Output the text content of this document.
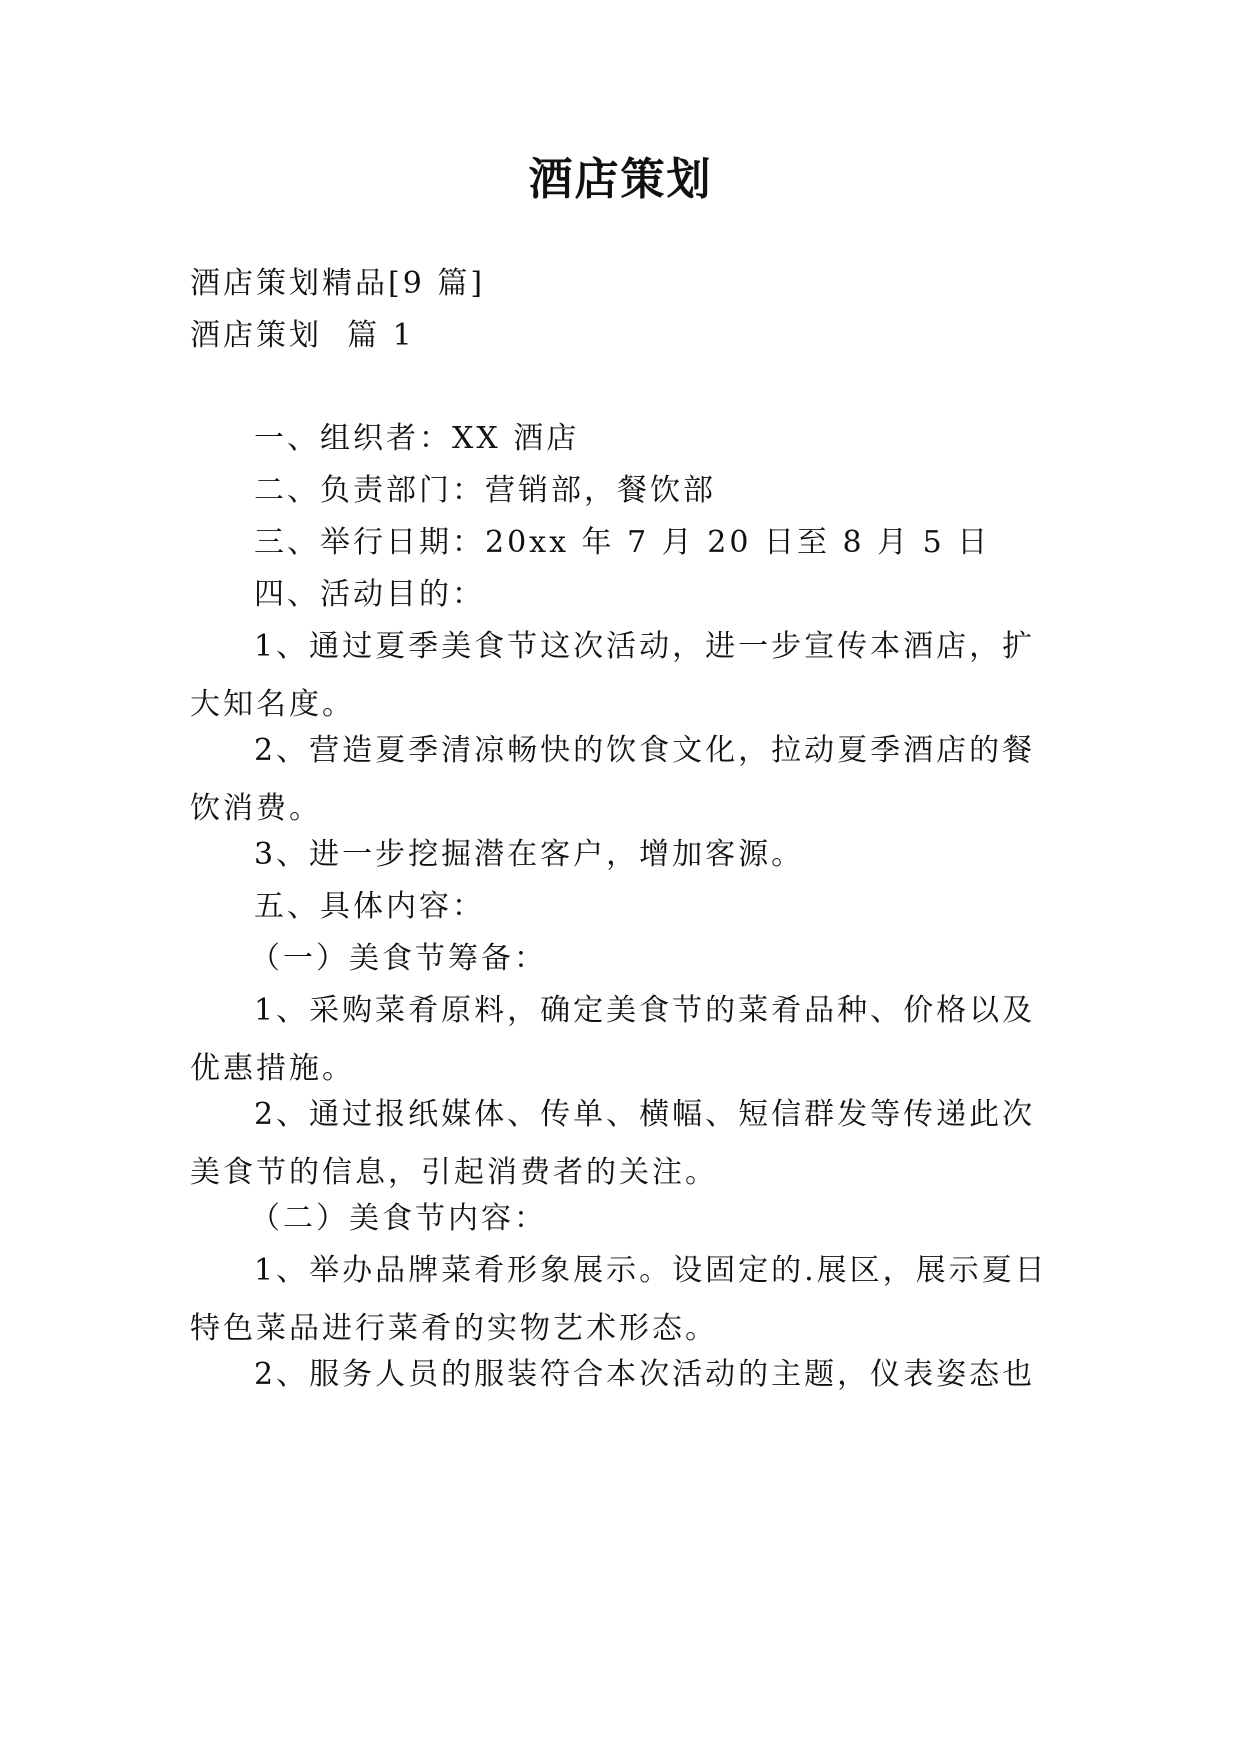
酒店策划
酒店策划精品[9 篇]
酒店策划  篇 1
一、组织者：XX 酒店
二、负责部门：营销部，餐饮部
三、举行日期：20xx 年 7 月 20 日至 8 月 5 日
四、活动目的：
1、通过夏季美食节这次活动，进一步宣传本酒店，扩大知名度。
2、营造夏季清凉畅快的饮食文化，拉动夏季酒店的餐饮消费。
3、进一步挖掘潜在客户，增加客源。
五、具体内容：
（一）美食节筹备：
1、采购菜肴原料，确定美食节的菜肴品种、价格以及优惠措施。
2、通过报纸媒体、传单、横幅、短信群发等传递此次美食节的信息，引起消费者的关注。
（二）美食节内容：
1、举办品牌菜肴形象展示。设固定的.展区，展示夏日特色菜品进行菜肴的实物艺术形态。
2、服务人员的服装符合本次活动的主题，仪表姿态也
